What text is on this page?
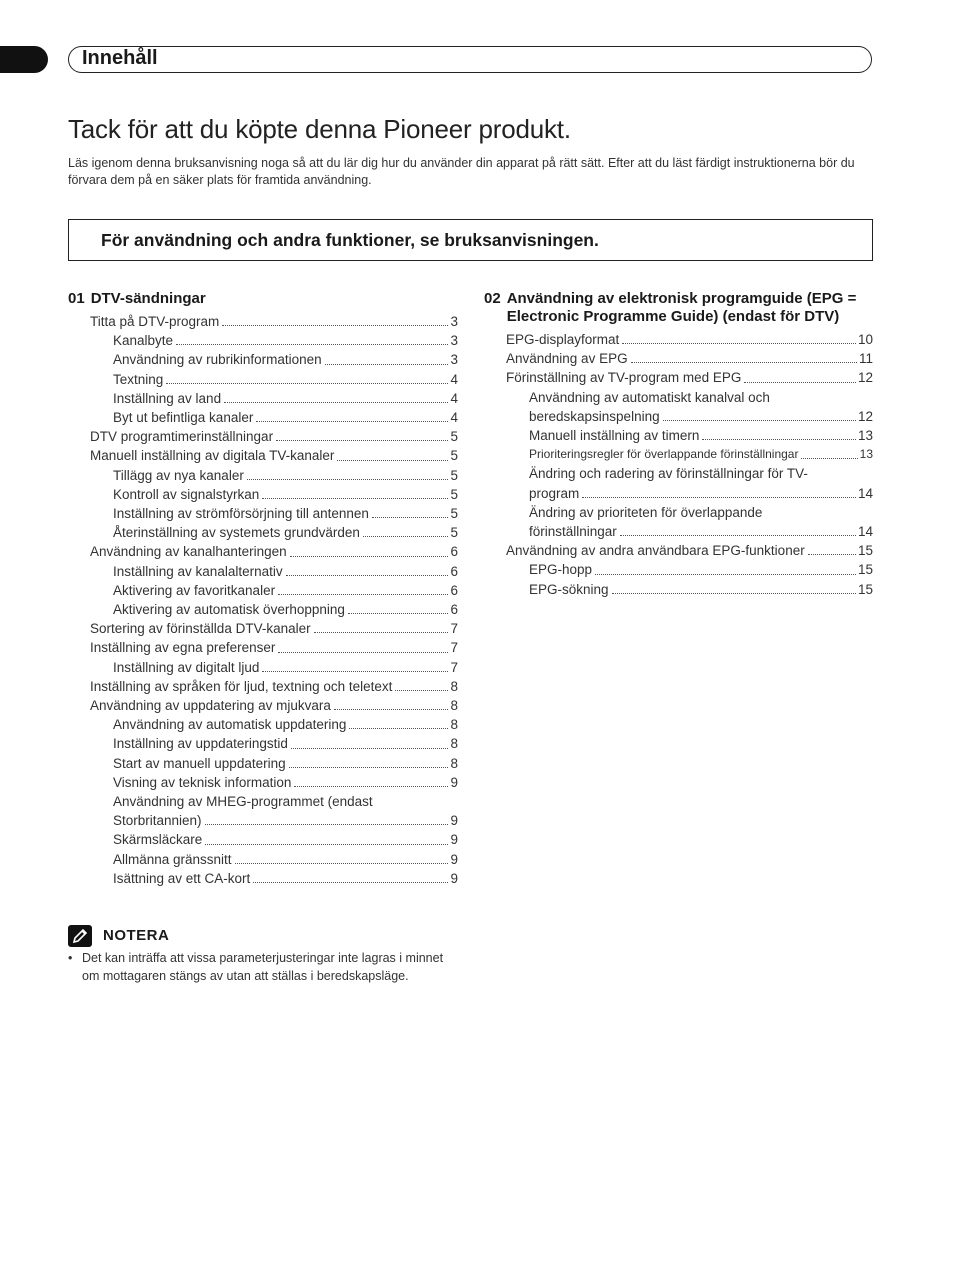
Innehåll
Tack för att du köpte denna Pioneer produkt.
Läs igenom denna bruksanvisning noga så att du lär dig hur du använder din apparat på rätt sätt. Efter att du läst färdigt instruktionerna bör du förvara dem på en säker plats för framtida användning.
För användning och andra funktioner, se bruksanvisningen.
01 DTV-sändningar
Titta på DTV-program	3
Kanalbyte	3
Användning av rubrikinformationen	3
Textning	4
Inställning av land	4
Byt ut befintliga kanaler	4
DTV programtimerinställningar	5
Manuell inställning av digitala TV-kanaler	5
Tillägg av nya kanaler	5
Kontroll av signalstyrkan	5
Inställning av strömförsörjning till antennen	5
Återinställning av systemets grundvärden	5
Användning av kanalhanteringen	6
Inställning av kanalalternativ	6
Aktivering av favoritkanaler	6
Aktivering av automatisk överhoppning	6
Sortering av förinställda DTV-kanaler	7
Inställning av egna preferenser	7
Inställning av digitalt ljud	7
Inställning av språken för ljud, textning och teletext	8
Användning av uppdatering av mjukvara	8
Användning av automatisk uppdatering	8
Inställning av uppdateringstid	8
Start av manuell uppdatering	8
Visning av teknisk information	9
Användning av MHEG-programmet (endast
Storbritannien)	9
Skärmsläckare	9
Allmänna gränssnitt	9
Isättning av ett CA-kort	9
02 Användning av elektronisk programguide (EPG = Electronic Programme Guide) (endast för DTV)
EPG-displayformat	10
Användning av EPG	11
Förinställning av TV-program med EPG	12
Användning av automatiskt kanalval och
beredskapsinspelning	12
Manuell inställning av timern	13
Prioriteringsregler för överlappande förinställningar	13
Ändring och radering av förinställningar för TV-
program	14
Ändring av prioriteten för överlappande
förinställningar	14
Användning av andra användbara EPG-funktioner	15
EPG-hopp	15
EPG-sökning	15
NOTERA
• Det kan inträffa att vissa parameterjusteringar inte lagras i minnet om mottagaren stängs av utan att ställas i beredskapsläge.
